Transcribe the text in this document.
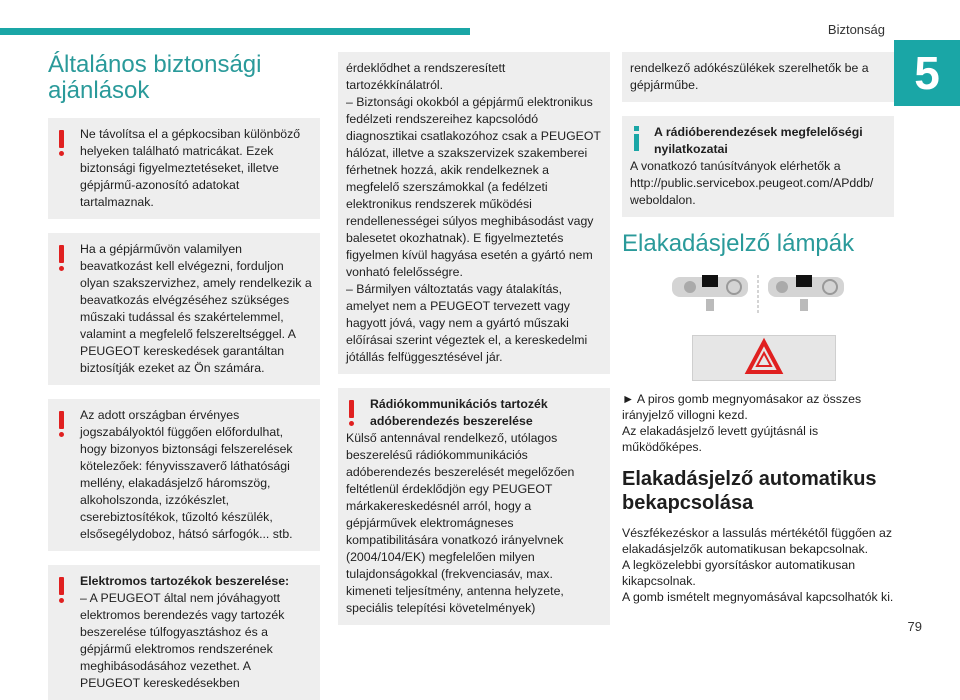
Biztonság
5
79
Általános biztonsági ajánlások
Ne távolítsa el a gépkocsiban különböző helyeken található matricákat. Ezek biztonsági figyelmeztetéseket, illetve gépjármű-azonosító adatokat tartalmaznak.
Ha a gépjárművön valamilyen beavatkozást kell elvégezni, forduljon olyan szakszervizhez, amely rendelkezik a beavatkozás elvégzéséhez szükséges műszaki tudással és szakértelemmel, valamint a megfelelő felszereltséggel. A PEUGEOT kereskedések garantáltan biztosítják ezeket az Ön számára.
Az adott országban érvényes jogszabályoktól függően előfordulhat, hogy bizonyos biztonsági felszerelések kötelezőek: fényvisszaverő láthatósági mellény, elakadásjelző háromszög, alkoholszonda, izzókészlet, cserebiztosítékok, tűzoltó készülék, elsősegélydoboz, hátsó sárfogók... stb.
Elektromos tartozékok beszerelése:
– A PEUGEOT által nem jóváhagyott elektromos berendezés vagy tartozék beszerelése túlfogyasztáshoz és a gépjármű elektromos rendszerének meghibásodásához vezethet. A PEUGEOT kereskedésekben
érdeklődhet a rendszeresített tartozékkínálatról.
– Biztonsági okokból a gépjármű elektronikus fedélzeti rendszereihez kapcsolódó diagnosztikai csatlakozóhoz csak a PEUGEOT hálózat, illetve a szakszervizek szakemberei férhetnek hozzá, akik rendelkeznek a megfelelő szerszámokkal (a fedélzeti elektronikus rendszerek működési rendellenességei súlyos meghibásodást vagy balesetet okozhatnak). E figyelmeztetés figyelmen kívül hagyása esetén a gyártó nem vonható felelősségre.
– Bármilyen változtatás vagy átalakítás, amelyet nem a PEUGEOT tervezett vagy hagyott jóvá, vagy nem a gyártó műszaki előírásai szerint végeztek el, a kereskedelmi jótállás felfüggesztésével jár.
Rádiókommunikációs tartozék adóberendezés beszerelése
Külső antennával rendelkező, utólagos beszerelésű rádiókommunikációs adóberendezés beszerelését megelőzően feltétlenül érdeklődjön egy PEUGEOT márkakereskedésnél arról, hogy a gépjárművek elektromágneses kompatibilitására vonatkozó irányelvnek (2004/104/EK) megfelelően milyen tulajdonságokkal (frekvenciasáv, max. kimeneti teljesítmény, antenna helyzete, speciális telepítési követelmények)
rendelkező adókészülékek szerelhetők be a gépjárműbe.
A rádióberendezések megfelelőségi nyilatkozatai
A vonatkozó tanúsítványok elérhetők a http://public.servicebox.peugeot.com/APddb/ weboldalon.
Elakadásjelző lámpák

► A piros gomb megnyomásakor az összes irányjelző villogni kezd.

Az elakadásjelző levett gyújtásnál is működőképes.

Elakadásjelző automatikus bekapcsolása

Vészfékezéskor a lassulás mértékétől függően az elakadásjelzők automatikusan bekapcsolnak.

A legközelebbi gyorsításkor automatikusan kikapcsolnak.

A gomb ismételt megnyomásával kapcsolhatók ki.
